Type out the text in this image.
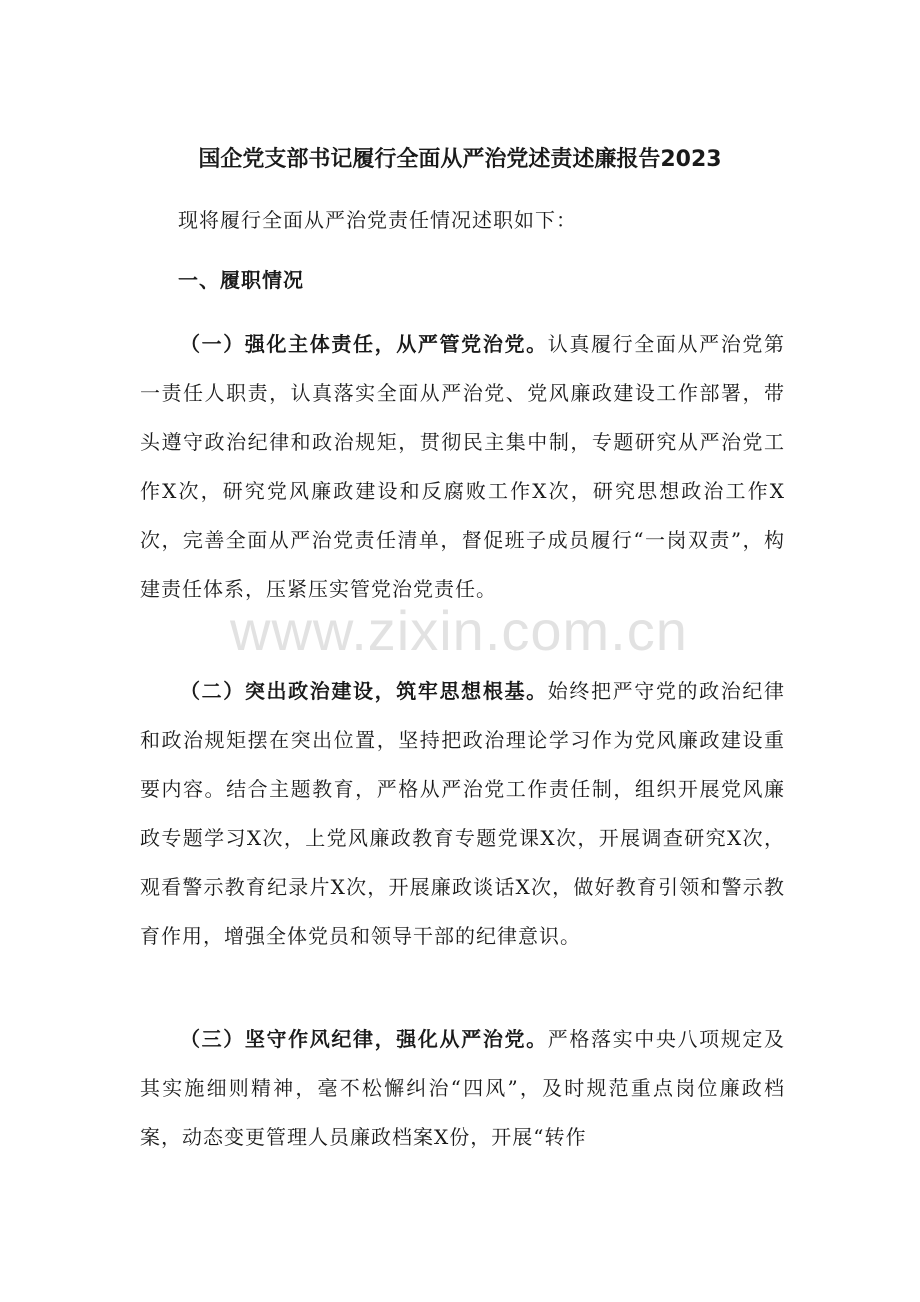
国企党支部书记履行全面从严治党述责述廉报告2023
现将履行全面从严治党责任情况述职如下：
一、履职情况
（一）强化主体责任，从严管党治党。认真履行全面从严治党第一责任人职责，认真落实全面从严治党、党风廉政建设工作部署，带头遵守政治纪律和政治规矩，贯彻民主集中制，专题研究从严治党工作X次，研究党风廉政建设和反腐败工作X次，研究思想政治工作X次，完善全面从严治党责任清单，督促班子成员履行“一岗双责”，构建责任体系，压紧压实管党治党责任。
（二）突出政治建设，筑牢思想根基。始终把严守党的政治纪律和政治规矩摆在突出位置，坚持把政治理论学习作为党风廉政建设重要内容。结合主题教育，严格从严治党工作责任制，组织开展党风廉政专题学习X次，上党风廉政教育专题党课X次，开展调查研究X次，观看警示教育纪录片X次，开展廉政谈话X次，做好教育引领和警示教育作用，增强全体党员和领导干部的纪律意识。
（三）坚守作风纪律，强化从严治党。严格落实中央八项规定及其实施细则精神，毫不松懈纠治“四风”，及时规范重点岗位廉政档案，动态变更管理人员廉政档案X份，开展“转作
www.zixin.com.cn
